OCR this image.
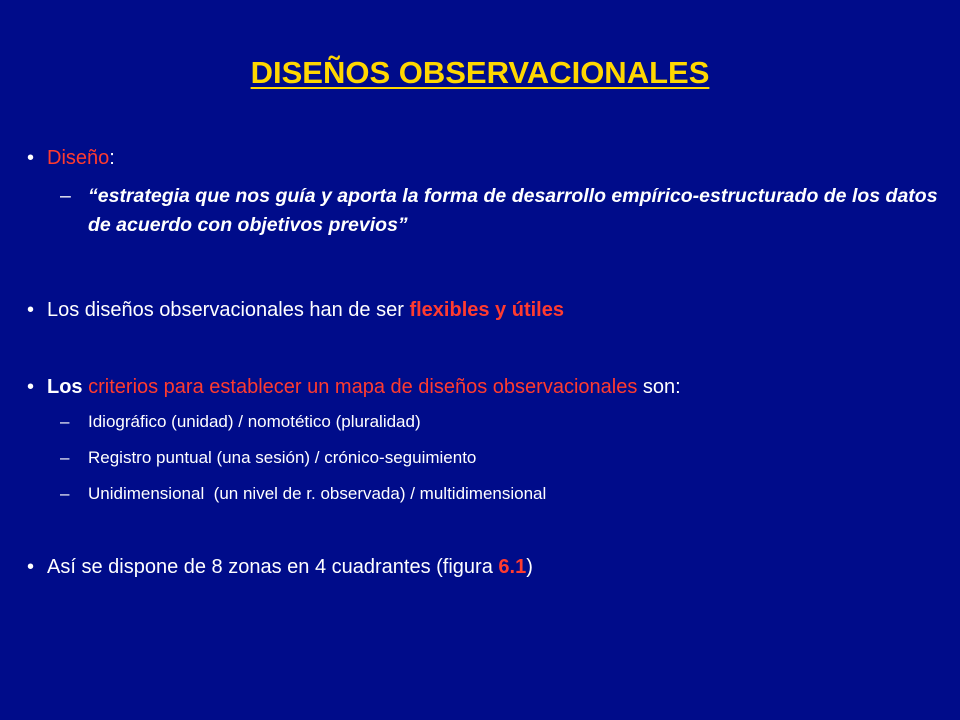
DISEÑOS OBSERVACIONALES
• Diseño:
– “estrategia que nos guía y aporta la forma de desarrollo empírico-estructurado de los datos de acuerdo con objetivos previos”
• Los diseños observacionales han de ser flexibles y útiles
• Los criterios para establecer un mapa de diseños observacionales son:
– Idiográfico (unidad) / nomotético (pluralidad)
– Registro puntual (una sesión) / crónico-seguimiento
– Unidimensional  (un nivel de r. observada) / multidimensional
• Así se dispone de 8 zonas en 4 cuadrantes (figura 6.1)
